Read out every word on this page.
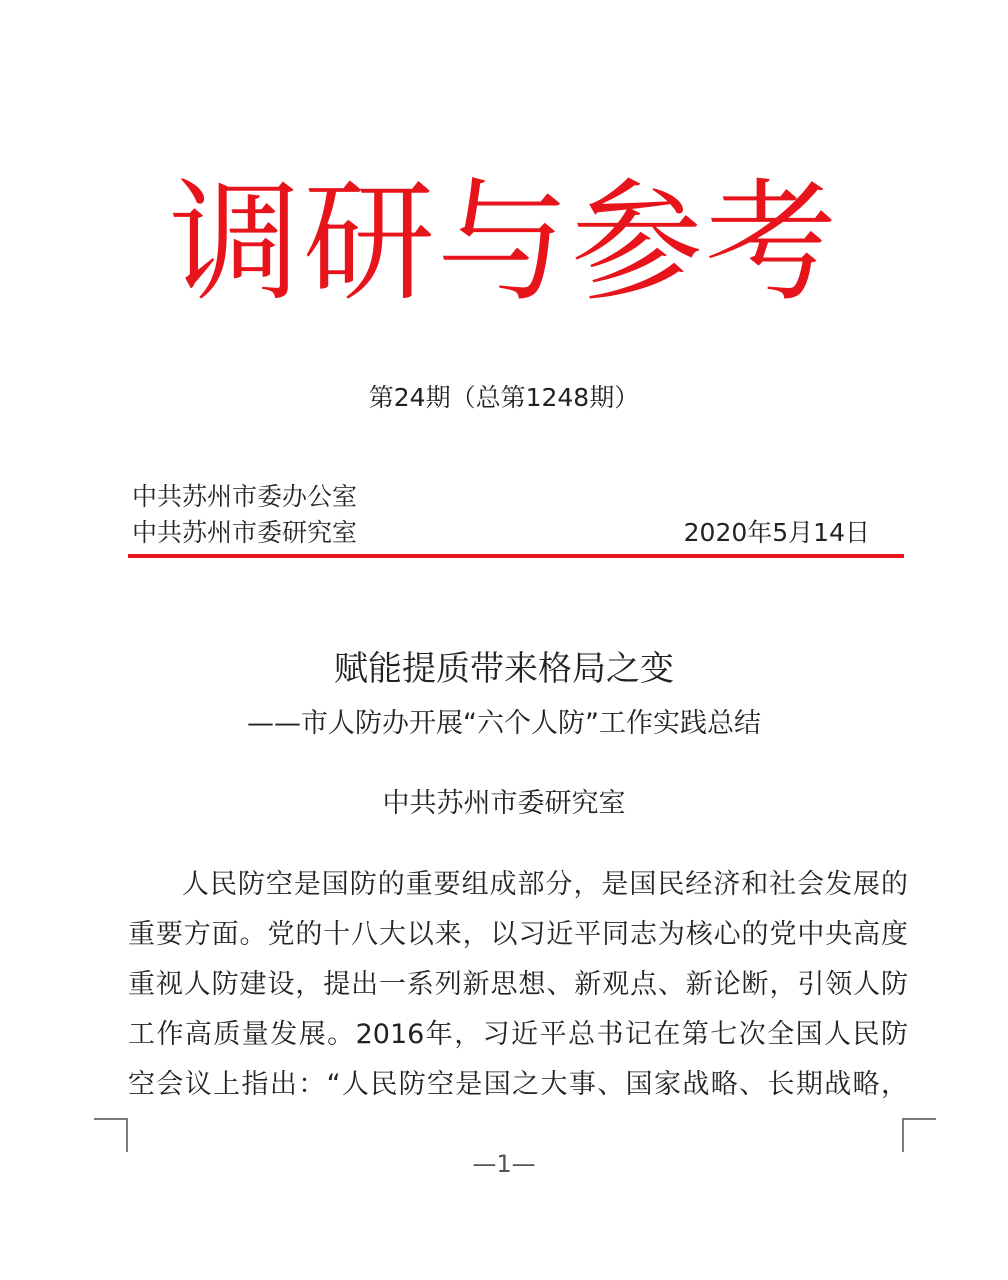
调研与参考
第24期（总第1248期）
中共苏州市委办公室
中共苏州市委研究室	2020年5月14日
赋能提质带来格局之变
——市人防办开展“六个人防”工作实践总结
中共苏州市委研究室
人民防空是国防的重要组成部分，是国民经济和社会发展的
重要方面。党的十八大以来，以习近平同志为核心的党中央高度
重视人防建设，提出一系列新思想、新观点、新论断，引领人防
工作高质量发展。2016年，习近平总书记在第七次全国人民防
空会议上指出：“人民防空是国之大事、国家战略、长期战略，
—1—
